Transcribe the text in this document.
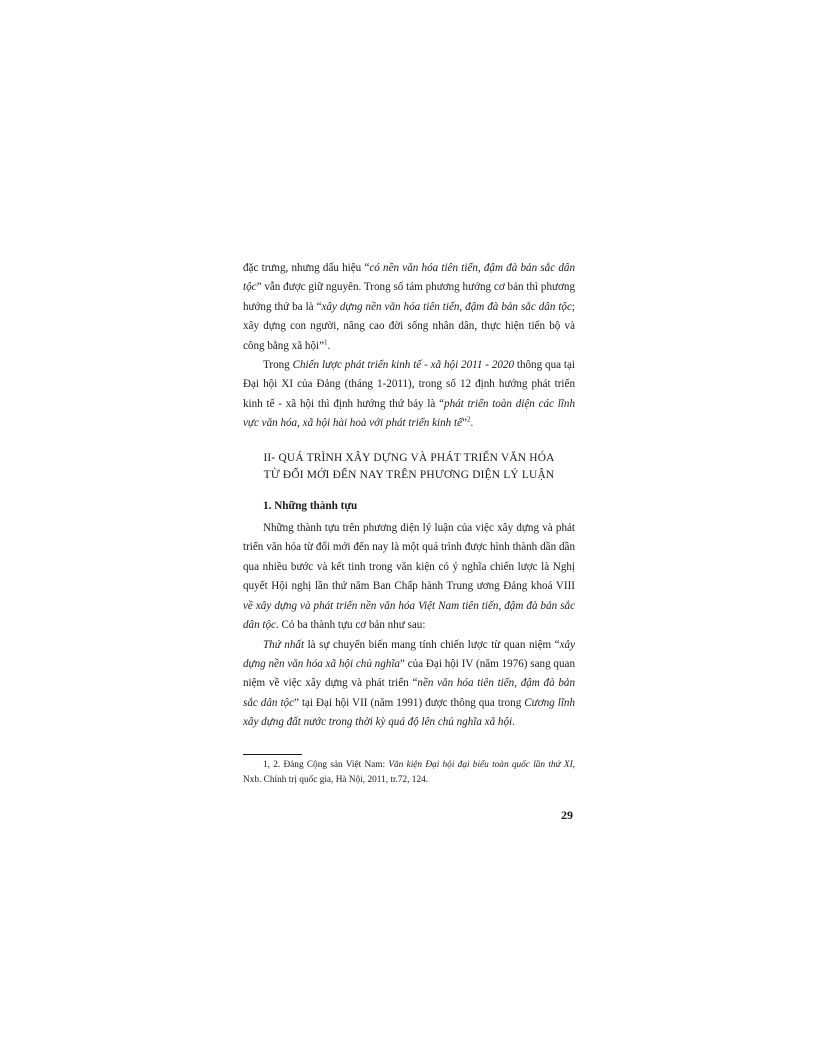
đặc trưng, nhưng dấu hiệu “có nền văn hóa tiên tiến, đậm đà bản sắc dân tộc” vẫn được giữ nguyên. Trong số tám phương hướng cơ bản thì phương hướng thứ ba là “xây dựng nền văn hóa tiên tiến, đậm đà bản sắc dân tộc; xây dựng con người, nâng cao đời sống nhân dân, thực hiện tiến bộ và công bằng xã hội”$^1$.

Trong Chiến lược phát triển kinh tế - xã hội 2011 - 2020 thông qua tại Đại hội XI của Đảng (tháng 1-2011), trong số 12 định hướng phát triển kinh tế - xã hội thì định hướng thứ bảy là “phát triển toàn diện các lĩnh vực văn hóa, xã hội hài hoà với phát triển kinh tế”$^2$.

II- QUÁ TRÌNH XÂY DỰNG VÀ PHÁT TRIỂN VĂN HÓA
TỪ ĐỔI MỚI ĐẾN NAY TRÊN PHƯƠNG DIỆN LÝ LUẬN
1. Những thành tựu

Những thành tựu trên phương diện lý luận của việc xây dựng và phát triển văn hóa từ đổi mới đến nay là một quá trình được hình thành dần dần qua nhiều bước và kết tinh trong văn kiện có ý nghĩa chiến lược là Nghị quyết Hội nghị lần thứ năm Ban Chấp hành Trung ương Đảng khoá VIII về xây dựng và phát triển nền văn hóa Việt Nam tiên tiến, đậm đà bản sắc dân tộc. Có ba thành tựu cơ bản như sau:

Thứ nhất là sự chuyển biến mang tính chiến lược từ quan niệm “xây dựng nền văn hóa xã hội chủ nghĩa” của Đại hội IV (năm 1976) sang quan niệm về việc xây dựng và phát triển “nền văn hóa tiên tiến, đậm đà bản sắc dân tộc” tại Đại hội VII (năm 1991) được thông qua trong Cương lĩnh xây dựng đất nước trong thời kỳ quá độ lên chủ nghĩa xã hội.

1, 2. Đảng Cộng sản Việt Nam: Văn kiện Đại hội đại biểu toàn quốc lần thứ XI, Nxb. Chính trị quốc gia, Hà Nội, 2011, tr.72, 124.

29
